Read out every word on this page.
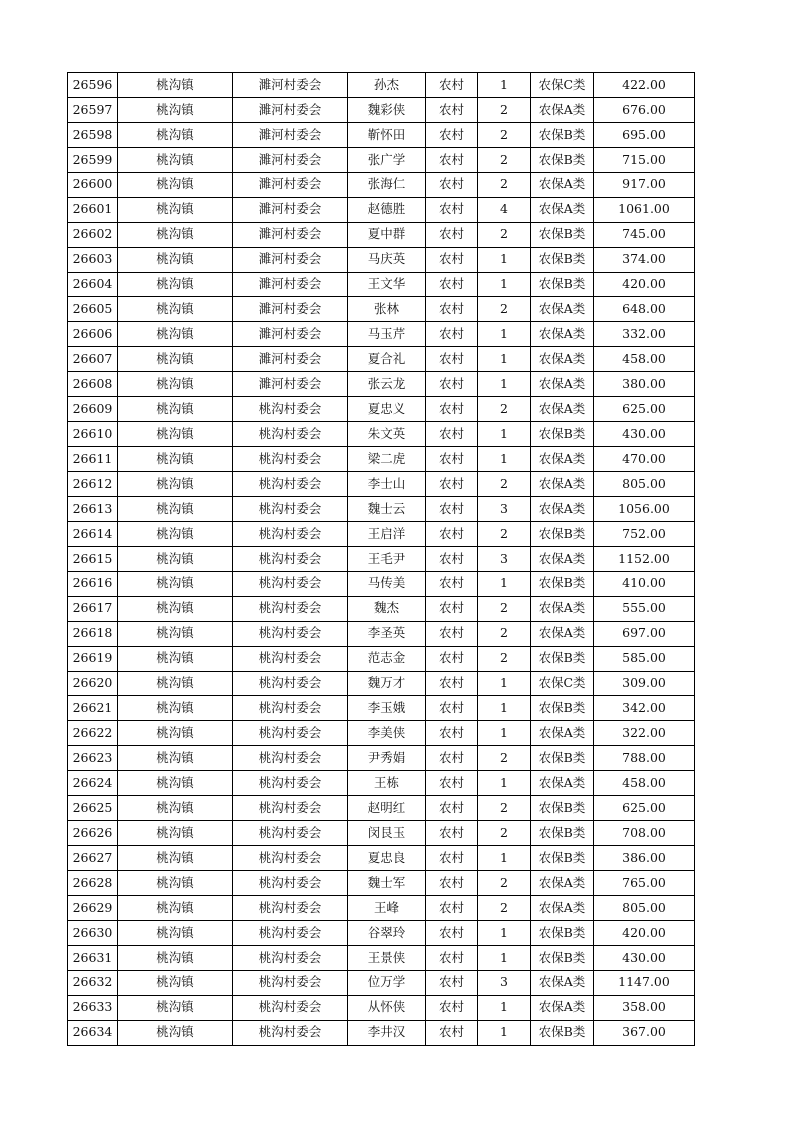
26596	桃沟镇	濉河村委会	孙杰	农村	1	农保C类	422.00
26597	桃沟镇	濉河村委会	魏彩侠	农村	2	农保A类	676.00
26598	桃沟镇	濉河村委会	靳怀田	农村	2	农保B类	695.00
26599	桃沟镇	濉河村委会	张广学	农村	2	农保B类	715.00
26600	桃沟镇	濉河村委会	张海仁	农村	2	农保A类	917.00
26601	桃沟镇	濉河村委会	赵德胜	农村	4	农保A类	1061.00
26602	桃沟镇	濉河村委会	夏中群	农村	2	农保B类	745.00
26603	桃沟镇	濉河村委会	马庆英	农村	1	农保B类	374.00
26604	桃沟镇	濉河村委会	王文华	农村	1	农保B类	420.00
26605	桃沟镇	濉河村委会	张林	农村	2	农保A类	648.00
26606	桃沟镇	濉河村委会	马玉芹	农村	1	农保A类	332.00
26607	桃沟镇	濉河村委会	夏合礼	农村	1	农保A类	458.00
26608	桃沟镇	濉河村委会	张云龙	农村	1	农保A类	380.00
26609	桃沟镇	桃沟村委会	夏忠义	农村	2	农保A类	625.00
26610	桃沟镇	桃沟村委会	朱文英	农村	1	农保B类	430.00
26611	桃沟镇	桃沟村委会	梁二虎	农村	1	农保A类	470.00
26612	桃沟镇	桃沟村委会	李士山	农村	2	农保A类	805.00
26613	桃沟镇	桃沟村委会	魏士云	农村	3	农保A类	1056.00
26614	桃沟镇	桃沟村委会	王启洋	农村	2	农保B类	752.00
26615	桃沟镇	桃沟村委会	王毛尹	农村	3	农保A类	1152.00
26616	桃沟镇	桃沟村委会	马传美	农村	1	农保B类	410.00
26617	桃沟镇	桃沟村委会	魏杰	农村	2	农保A类	555.00
26618	桃沟镇	桃沟村委会	李圣英	农村	2	农保A类	697.00
26619	桃沟镇	桃沟村委会	范志金	农村	2	农保B类	585.00
26620	桃沟镇	桃沟村委会	魏万才	农村	1	农保C类	309.00
26621	桃沟镇	桃沟村委会	李玉娥	农村	1	农保B类	342.00
26622	桃沟镇	桃沟村委会	李美侠	农村	1	农保A类	322.00
26623	桃沟镇	桃沟村委会	尹秀娟	农村	2	农保B类	788.00
26624	桃沟镇	桃沟村委会	王栋	农村	1	农保A类	458.00
26625	桃沟镇	桃沟村委会	赵明红	农村	2	农保B类	625.00
26626	桃沟镇	桃沟村委会	闵艮玉	农村	2	农保B类	708.00
26627	桃沟镇	桃沟村委会	夏忠良	农村	1	农保B类	386.00
26628	桃沟镇	桃沟村委会	魏士军	农村	2	农保A类	765.00
26629	桃沟镇	桃沟村委会	王峰	农村	2	农保A类	805.00
26630	桃沟镇	桃沟村委会	谷翠玲	农村	1	农保B类	420.00
26631	桃沟镇	桃沟村委会	王景侠	农村	1	农保B类	430.00
26632	桃沟镇	桃沟村委会	位万学	农村	3	农保A类	1147.00
26633	桃沟镇	桃沟村委会	从怀侠	农村	1	农保A类	358.00
26634	桃沟镇	桃沟村委会	李井汉	农村	1	农保B类	367.00
